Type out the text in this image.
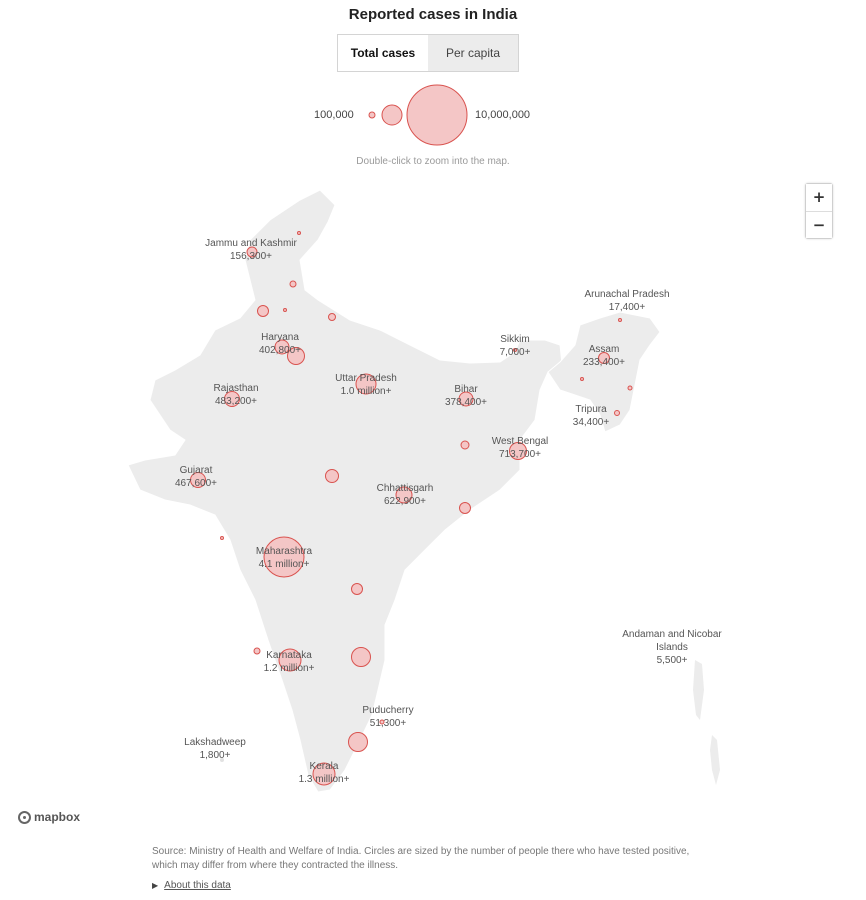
Reported cases in India
Total cases	Per capita
100,000	10,000,000
Double-click to zoom into the map.
Jammu and Kashmir
156,300+
Haryana
402,800+
Rajasthan
483,200+
Uttar Pradesh
1.0 million+	Bihar
378,400+
Sikkim
7,000+
Arunachal Pradesh
17,400+
Assam
233,400+
Tripura
34,400+
West Bengal
713,700+
Gujarat
467,600+	Chhattisgarh
622,900+
Maharashtra
4.1 million+
Karnataka
1.2 million+
Andaman and Nicobar Islands
5,500+
Puducherry
51,300+
Lakshadweep
1,800+
Kerala
1.3 million+
+
−
mapbox
Source: Ministry of Health and Welfare of India. Circles are sized by the number of people there who have tested positive, which may differ from where they contracted the illness.
▶ About this data
